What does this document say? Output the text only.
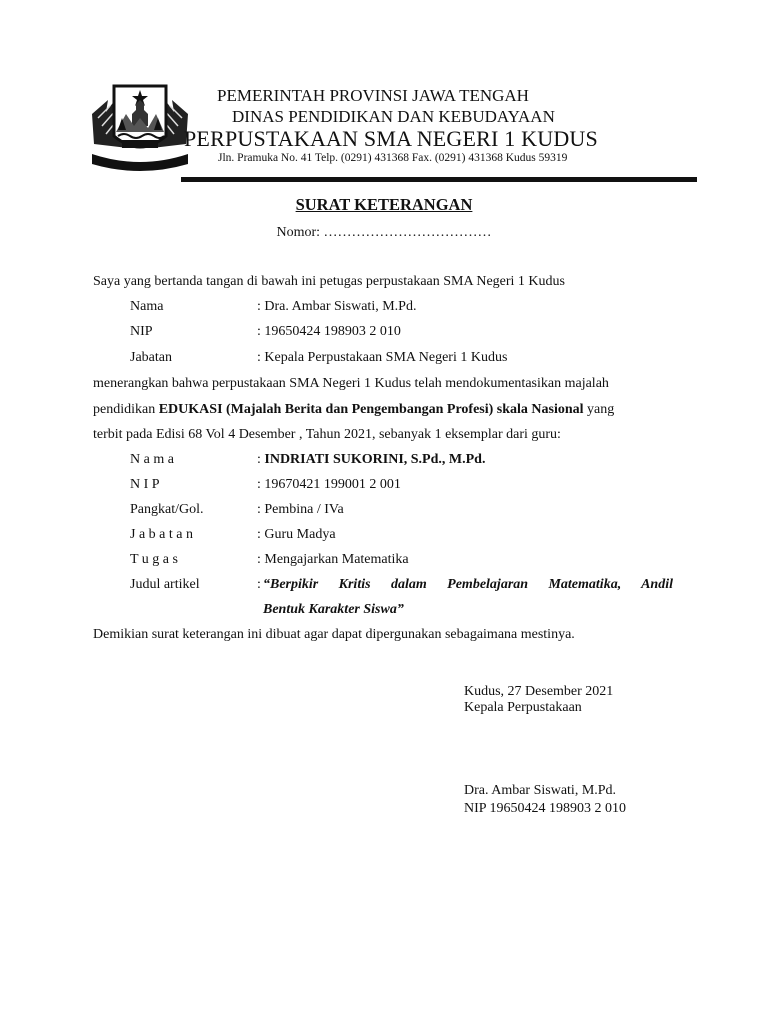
PEMERINTAH PROVINSI JAWA TENGAH
DINAS PENDIDIKAN DAN KEBUDAYAAN
PERPUSTAKAAN SMA NEGERI 1 KUDUS
Jln. Pramuka No. 41 Telp. (0291) 431368 Fax. (0291) 431368 Kudus 59319
SURAT KETERANGAN
Nomor: ………………………………
Saya yang bertanda tangan di bawah ini petugas perpustakaan SMA Negeri 1 Kudus
Nama	: Dra. Ambar Siswati, M.Pd.
NIP	: 19650424 198903 2 010
Jabatan	: Kepala Perpustakaan SMA Negeri 1 Kudus
menerangkan bahwa perpustakaan SMA Negeri 1 Kudus telah mendokumentasikan majalah
pendidikan EDUKASI (Majalah Berita dan Pengembangan Profesi) skala Nasional yang
terbit pada Edisi 68 Vol 4 Desember , Tahun 2021, sebanyak 1 eksemplar dari guru:
N a m a	: INDRIATI SUKORINI, S.Pd., M.Pd.
N I P	: 19670421 199001 2 001
Pangkat/Gol.	: Pembina / IVa
J a b a t a n	: Guru Madya
T u g a s	: Mengajarkan Matematika
Judul artikel	: “Berpikir Kritis dalam Pembelajaran Matematika, Andil
Bentuk Karakter Siswa”
Demikian surat keterangan ini dibuat agar dapat dipergunakan sebagaimana mestinya.
Kudus, 27 Desember 2021
Kepala Perpustakaan
Dra. Ambar Siswati, M.Pd.
NIP 19650424 198903 2 010
